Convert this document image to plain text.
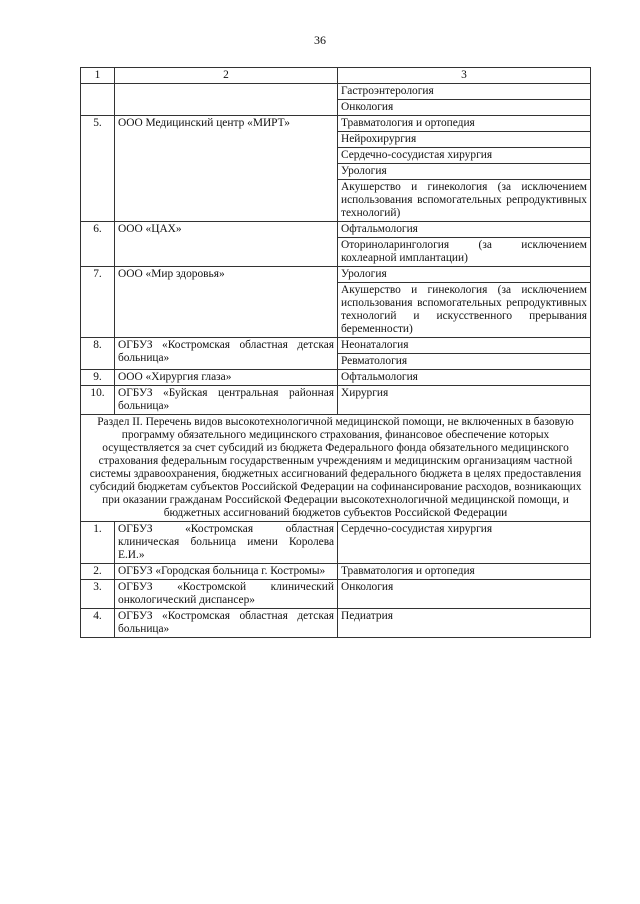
36
1	2	3
		Гастроэнтерология
		Онкология
5.	ООО Медицинский центр «МИРТ»	Травматология и ортопедия
		Нейрохирургия
		Сердечно-сосудистая хирургия
		Урология
		Акушерство и гинекология (за исключением использования вспомогательных репродуктивных технологий)
6.	ООО «ЦАХ»	Офтальмология
		Оториноларингология (за исключением кохлеарной имплантации)
7.	ООО «Мир здоровья»	Урология
		Акушерство и гинекология (за исключением использования вспомогательных репродуктивных технологий и искусственного прерывания беременности)
8.	ОГБУЗ «Костромская областная детская больница»	Неонаталогия
		Ревматология
9.	ООО «Хирургия глаза»	Офтальмология
10.	ОГБУЗ «Буйская центральная районная больница»	Хирургия
Раздел II. Перечень видов высокотехнологичной медицинской помощи, не включенных в базовую программу обязательного медицинского страхования, финансовое обеспечение которых осуществляется за счет субсидий из бюджета Федерального фонда обязательного медицинского страхования федеральным государственным учреждениям и медицинским организациям частной системы здравоохранения, бюджетных ассигнований федерального бюджета в целях предоставления субсидий бюджетам субъектов Российской Федерации на софинансирование расходов, возникающих при оказании гражданам Российской Федерации высокотехнологичной медицинской помощи, и бюджетных ассигнований бюджетов субъектов Российской Федерации		
1.	ОГБУЗ «Костромская областная клиническая больница имени Королева Е.И.»	Сердечно-сосудистая хирургия
2.	ОГБУЗ «Городская больница г. Костромы»	Травматология и ортопедия
3.	ОГБУЗ «Костромской клинический онкологический диспансер»	Онкология
4.	ОГБУЗ «Костромская областная детская больница»	Педиатрия
